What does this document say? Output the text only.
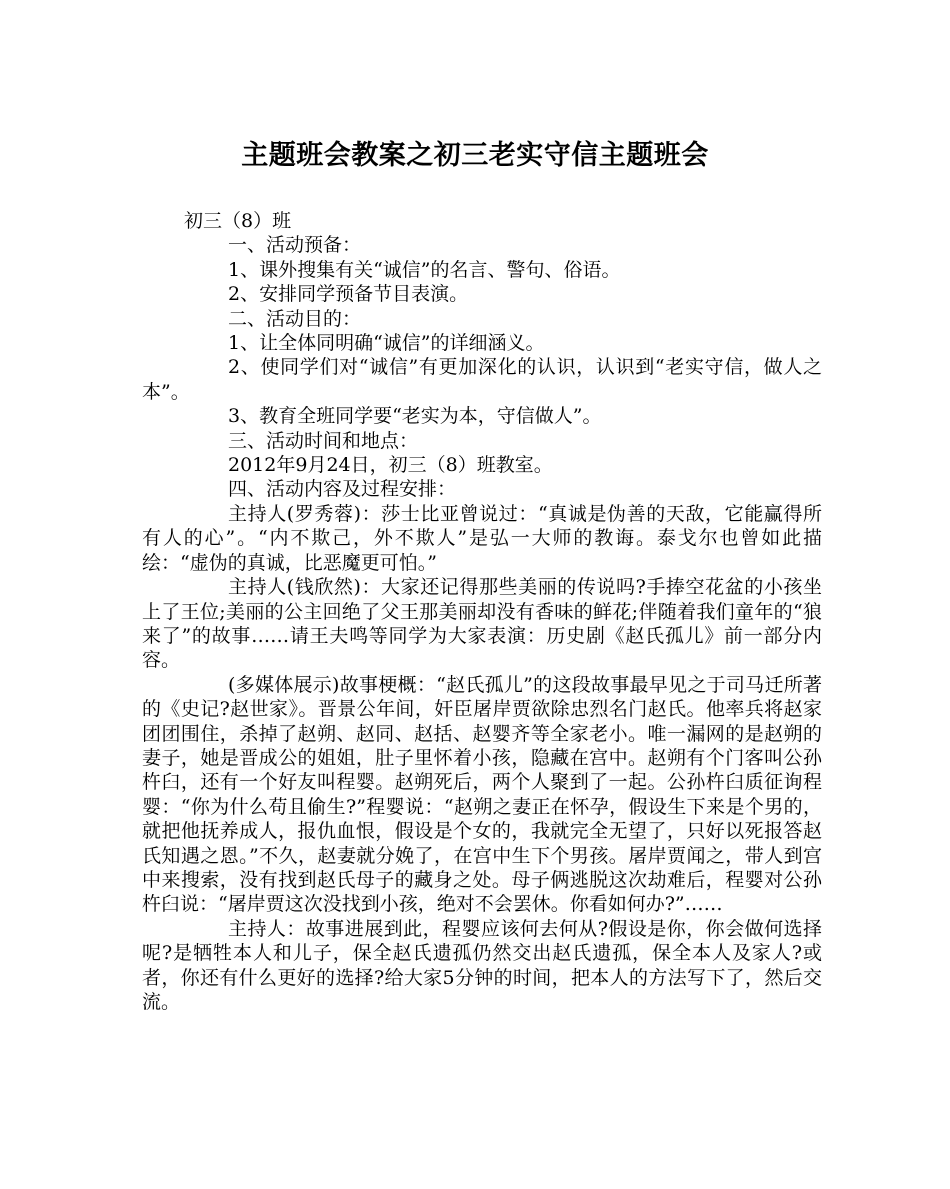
主题班会教案之初三老实守信主题班会

初三（8）班

一、活动预备：

1、课外搜集有关“诚信”的名言、警句、俗语。

2、安排同学预备节目表演。

二、活动目的：

1、让全体同明确“诚信”的详细涵义。

2、使同学们对“诚信”有更加深化的认识，认识到“老实守信，做人之本”。

3、教育全班同学要“老实为本，守信做人”。

三、活动时间和地点：

2012年9月24日，初三（8）班教室。

四、活动内容及过程安排：

主持人(罗秀蓉)：莎士比亚曾说过：“真诚是伪善的天敌，它能赢得所有人的心”。“内不欺己，外不欺人”是弘一大师的教诲。泰戈尔也曾如此描绘：“虚伪的真诚，比恶魔更可怕。”

主持人(钱欣然)：大家还记得那些美丽的传说吗?手捧空花盆的小孩坐上了王位;美丽的公主回绝了父王那美丽却没有香味的鲜花;伴随着我们童年的“狼来了”的故事……请王夫鸣等同学为大家表演：历史剧《赵氏孤儿》前一部分内容。

(多媒体展示)故事梗概：“赵氏孤儿”的这段故事最早见之于司马迁所著的《史记?赵世家》。晋景公年间，奸臣屠岸贾欲除忠烈名门赵氏。他率兵将赵家团团围住，杀掉了赵朔、赵同、赵括、赵婴齐等全家老小。唯一漏网的是赵朔的妻子，她是晋成公的姐姐，肚子里怀着小孩，隐藏在宫中。赵朔有个门客叫公孙杵臼，还有一个好友叫程婴。赵朔死后，两个人聚到了一起。公孙杵臼质征询程婴：“你为什么苟且偷生?”程婴说：“赵朔之妻正在怀孕，假设生下来是个男的，就把他抚养成人，报仇血恨，假设是个女的，我就完全无望了，只好以死报答赵氏知遇之恩。”不久，赵妻就分娩了，在宫中生下个男孩。屠岸贾闻之，带人到宫中来搜索，没有找到赵氏母子的藏身之处。母子俩逃脱这次劫难后，程婴对公孙杵臼说：“屠岸贾这次没找到小孩，绝对不会罢休。你看如何办?”……

主持人：故事进展到此，程婴应该何去何从?假设是你，你会做何选择呢?是牺牲本人和儿子，保全赵氏遗孤仍然交出赵氏遗孤，保全本人及家人?或者，你还有什么更好的选择?给大家5分钟的时间，把本人的方法写下了，然后交流。
